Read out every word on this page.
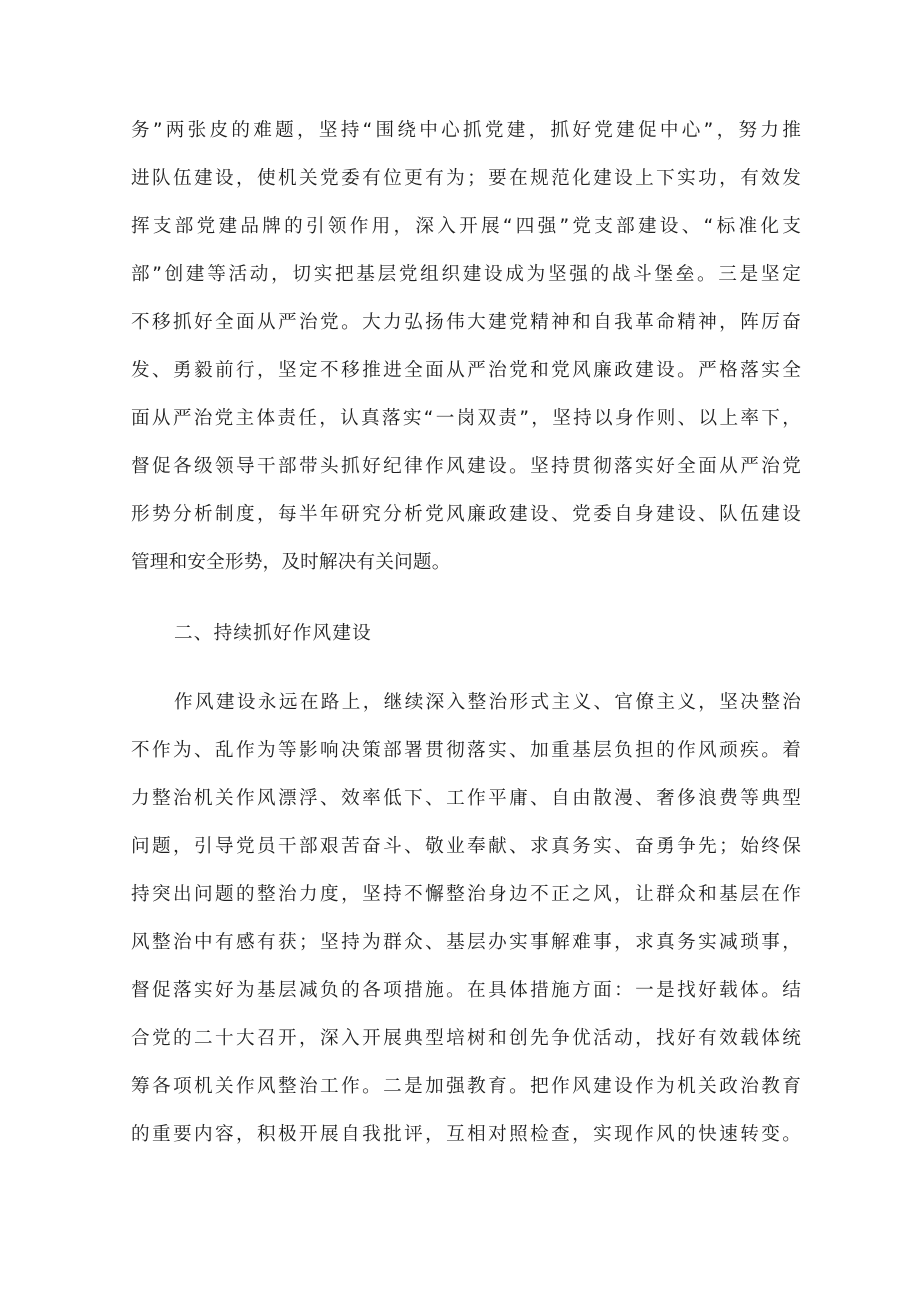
务”两张皮的难题，坚持“围绕中心抓党建，抓好党建促中心”，努力推
进队伍建设，使机关党委有位更有为；要在规范化建设上下实功，有效发
挥支部党建品牌的引领作用，深入开展“四强”党支部建设、“标准化支
部”创建等活动，切实把基层党组织建设成为坚强的战斗堡垒。三是坚定
不移抓好全面从严治党。大力弘扬伟大建党精神和自我革命精神，阵厉奋
发、勇毅前行，坚定不移推进全面从严治党和党风廉政建设。严格落实全
面从严治党主体责任，认真落实“一岗双责”，坚持以身作则、以上率下，
督促各级领导干部带头抓好纪律作风建设。坚持贯彻落实好全面从严治党
形势分析制度，每半年研究分析党风廉政建设、党委自身建设、队伍建设
管理和安全形势，及时解决有关问题。
二、持续抓好作风建设
作风建设永远在路上，继续深入整治形式主义、官僚主义，坚决整治
不作为、乱作为等影响决策部署贯彻落实、加重基层负担的作风顽疾。着
力整治机关作风漂浮、效率低下、工作平庸、自由散漫、奢侈浪费等典型
问题，引导党员干部艰苦奋斗、敬业奉献、求真务实、奋勇争先；始终保
持突出问题的整治力度，坚持不懈整治身边不正之风，让群众和基层在作
风整治中有感有获；坚持为群众、基层办实事解难事，求真务实减琐事，
督促落实好为基层减负的各项措施。在具体措施方面：一是找好载体。结
合党的二十大召开，深入开展典型培树和创先争优活动，找好有效载体统
筹各项机关作风整治工作。二是加强教育。把作风建设作为机关政治教育
的重要内容，积极开展自我批评，互相对照检查，实现作风的快速转变。
